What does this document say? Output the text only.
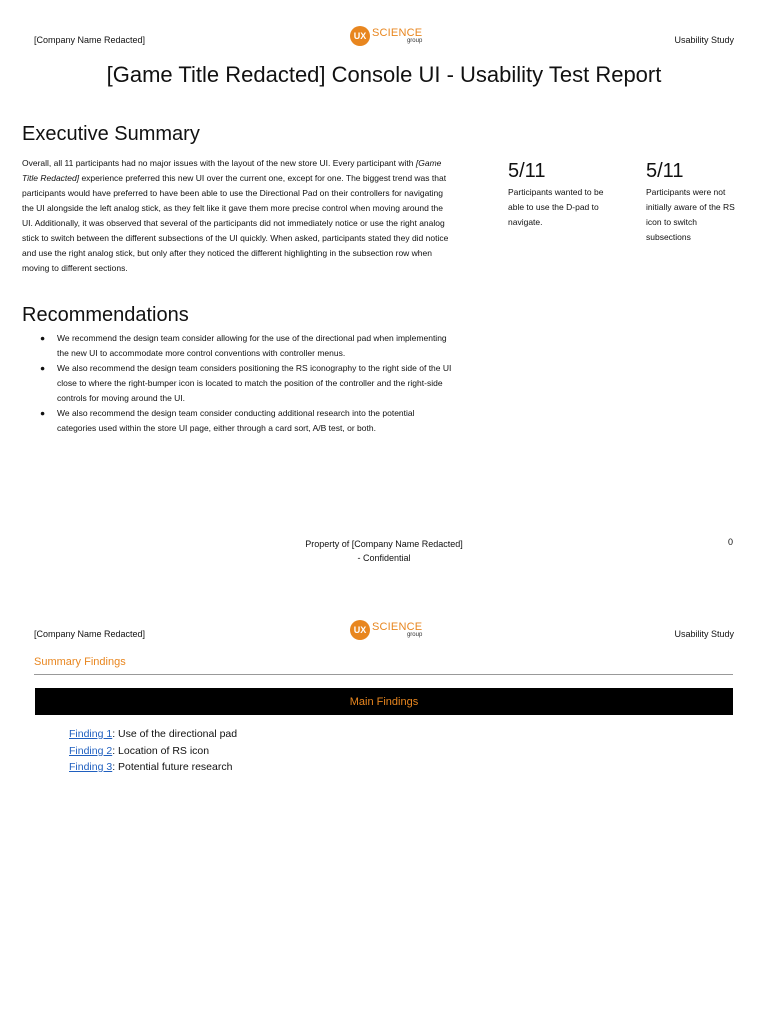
[Company Name Redacted]	UX SCIENCE
group	Usability Study
[Game Title Redacted] Console UI - Usability Test Report
Executive Summary
Overall, all 11 participants had no major issues with the layout of the new store UI. Every participant with [Game Title Redacted] experience preferred this new UI over the current one, except for one. The biggest trend was that participants would have preferred to have been able to use the Directional Pad on their controllers for navigating the UI alongside the left analog stick, as they felt like it gave them more precise control when moving around the UI. Additionally, it was observed that several of the participants did not immediately notice or use the right analog stick to switch between the different subsections of the UI quickly. When asked, participants stated they did notice and use the right analog stick, but only after they noticed the different highlighting in the subsection row when moving to different sections.
5/11
Participants wanted to be able to use the D-pad to navigate.
5/11
Participants were not initially aware of the RS icon to switch subsections
Recommendations
● We recommend the design team consider allowing for the use of the directional pad when implementing the new UI to accommodate more control conventions with controller menus.
● We also recommend the design team considers positioning the RS iconography to the right side of the UI close to where the right-bumper icon is located to match the position of the controller and the right-side controls for moving around the UI.
● We also recommend the design team consider conducting additional research into the potential categories used within the store UI page, either through a card sort, A/B test, or both.
Property of [Company Name Redacted]
- Confidential
0
[Company Name Redacted]	UX SCIENCE
group	Usability Study
Summary Findings
Main Findings
Finding 1: Use of the directional pad
Finding 2: Location of RS icon
Finding 3: Potential future research
